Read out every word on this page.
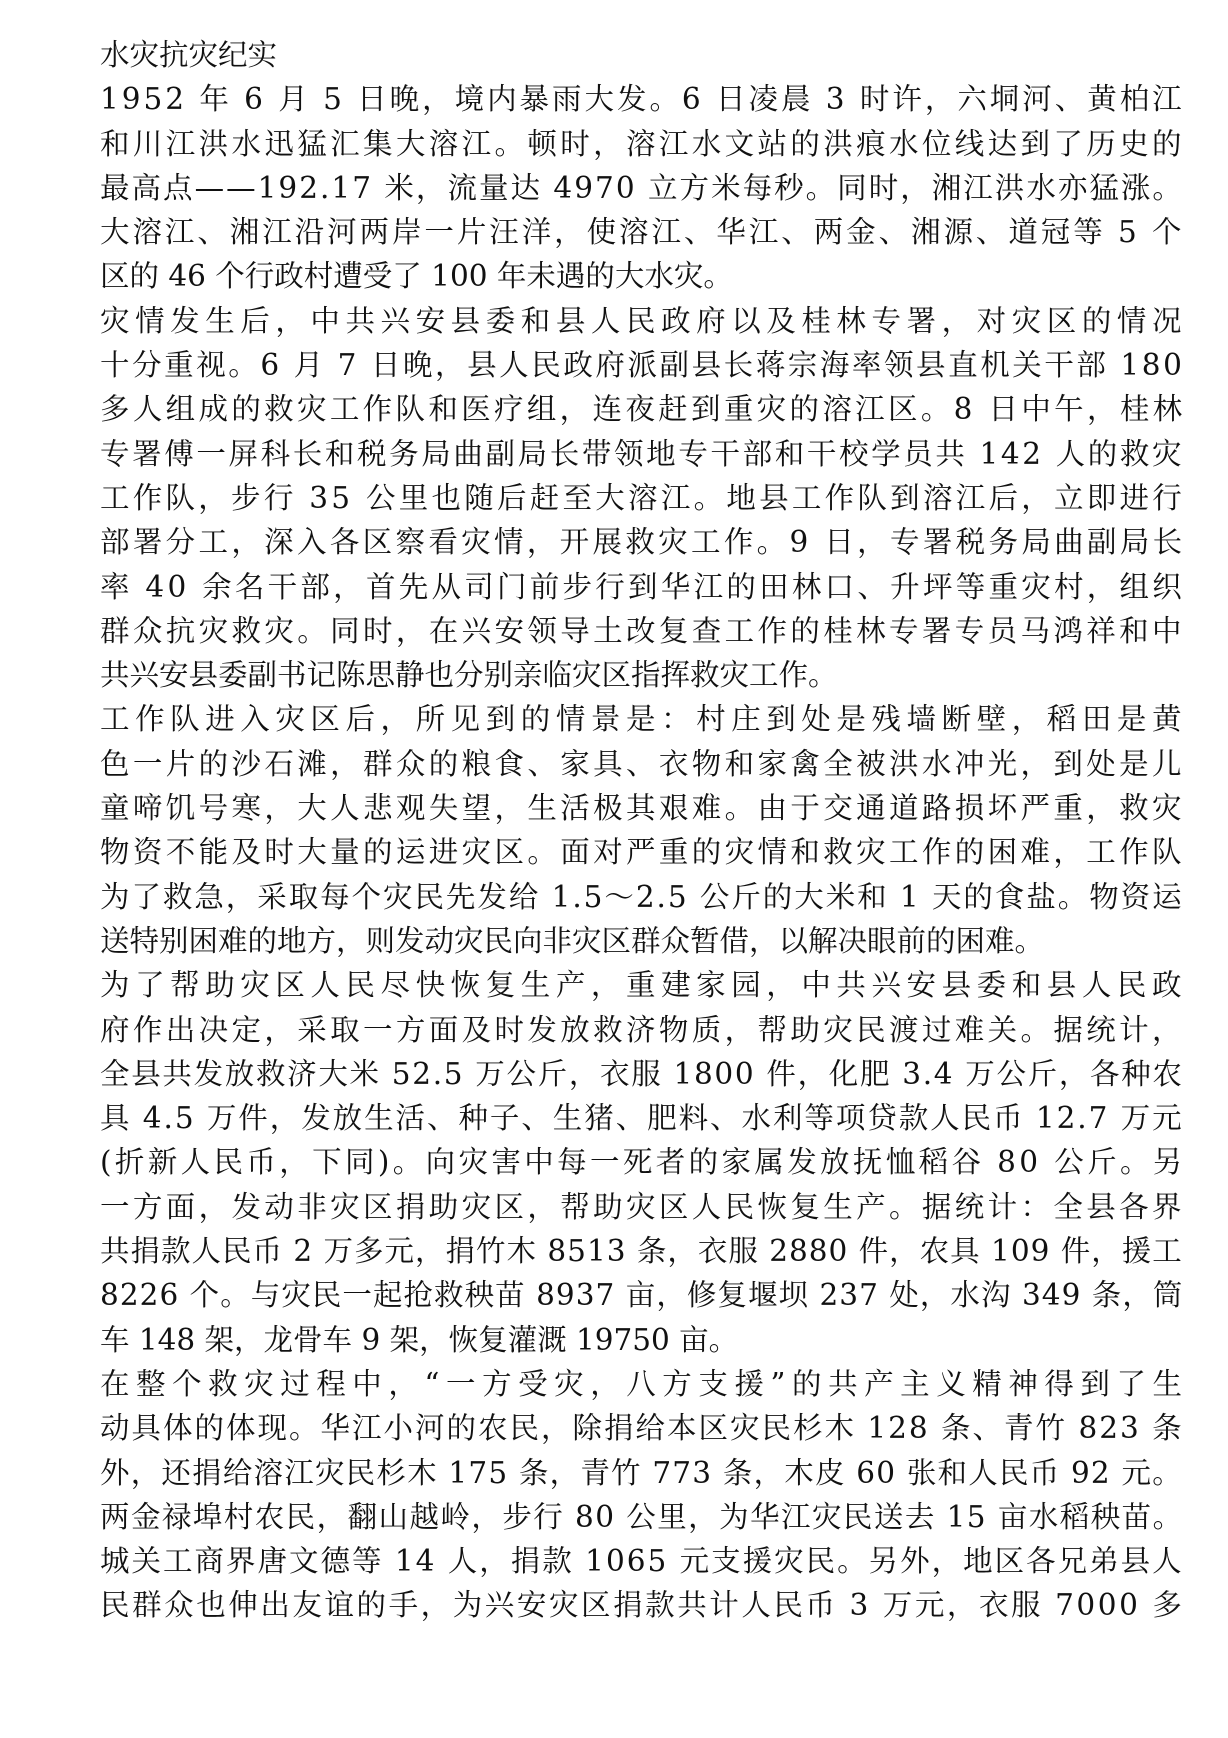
水灾抗灾纪实
1952 年 6 月 5 日晚，境内暴雨大发。6 日凌晨 3 时许，六垌河、黄柏江
和川江洪水迅猛汇集大溶江。顿时，溶江水文站的洪痕水位线达到了历史的
最高点——192.17 米，流量达 4970 立方米每秒。同时，湘江洪水亦猛涨。
大溶江、湘江沿河两岸一片汪洋，使溶江、华江、两金、湘源、道冠等 5 个
区的 46 个行政村遭受了 100 年未遇的大水灾。
灾情发生后，中共兴安县委和县人民政府以及桂林专署，对灾区的情况
十分重视。6 月 7 日晚，县人民政府派副县长蒋宗海率领县直机关干部 180
多人组成的救灾工作队和医疗组，连夜赶到重灾的溶江区。8 日中午，桂林
专署傅一屏科长和税务局曲副局长带领地专干部和干校学员共 142 人的救灾
工作队，步行 35 公里也随后赶至大溶江。地县工作队到溶江后，立即进行
部署分工，深入各区察看灾情，开展救灾工作。9 日，专署税务局曲副局长
率 40 余名干部，首先从司门前步行到华江的田林口、升坪等重灾村，组织
群众抗灾救灾。同时，在兴安领导土改复查工作的桂林专署专员马鸿祥和中
共兴安县委副书记陈思静也分别亲临灾区指挥救灾工作。
工作队进入灾区后，所见到的情景是：村庄到处是残墙断壁，稻田是黄
色一片的沙石滩，群众的粮食、家具、衣物和家禽全被洪水冲光，到处是儿
童啼饥号寒，大人悲观失望，生活极其艰难。由于交通道路损坏严重，救灾
物资不能及时大量的运进灾区。面对严重的灾情和救灾工作的困难，工作队
为了救急，采取每个灾民先发给 1.5～2.5 公斤的大米和 1 天的食盐。物资运
送特别困难的地方，则发动灾民向非灾区群众暂借，以解决眼前的困难。
为了帮助灾区人民尽快恢复生产，重建家园，中共兴安县委和县人民政
府作出决定，采取一方面及时发放救济物质，帮助灾民渡过难关。据统计，
全县共发放救济大米 52.5 万公斤，衣服 1800 件，化肥 3.4 万公斤，各种农
具 4.5 万件，发放生活、种子、生猪、肥料、水利等项贷款人民币 12.7 万元
(折新人民币，下同)。向灾害中每一死者的家属发放抚恤稻谷 80 公斤。另
一方面，发动非灾区捐助灾区，帮助灾区人民恢复生产。据统计：全县各界
共捐款人民币 2 万多元，捐竹木 8513 条，衣服 2880 件，农具 109 件，援工
8226 个。与灾民一起抢救秧苗 8937 亩，修复堰坝 237 处，水沟 349 条，筒
车 148 架，龙骨车 9 架，恢复灌溉 19750 亩。
在整个救灾过程中，“一方受灾，八方支援”的共产主义精神得到了生
动具体的体现。华江小河的农民，除捐给本区灾民杉木 128 条、青竹 823 条
外，还捐给溶江灾民杉木 175 条，青竹 773 条，木皮 60 张和人民币 92 元。
两金禄埠村农民，翻山越岭，步行 80 公里，为华江灾民送去 15 亩水稻秧苗。
城关工商界唐文德等 14 人，捐款 1065 元支援灾民。另外，地区各兄弟县人
民群众也伸出友谊的手，为兴安灾区捐款共计人民币 3 万元，衣服 7000 多
